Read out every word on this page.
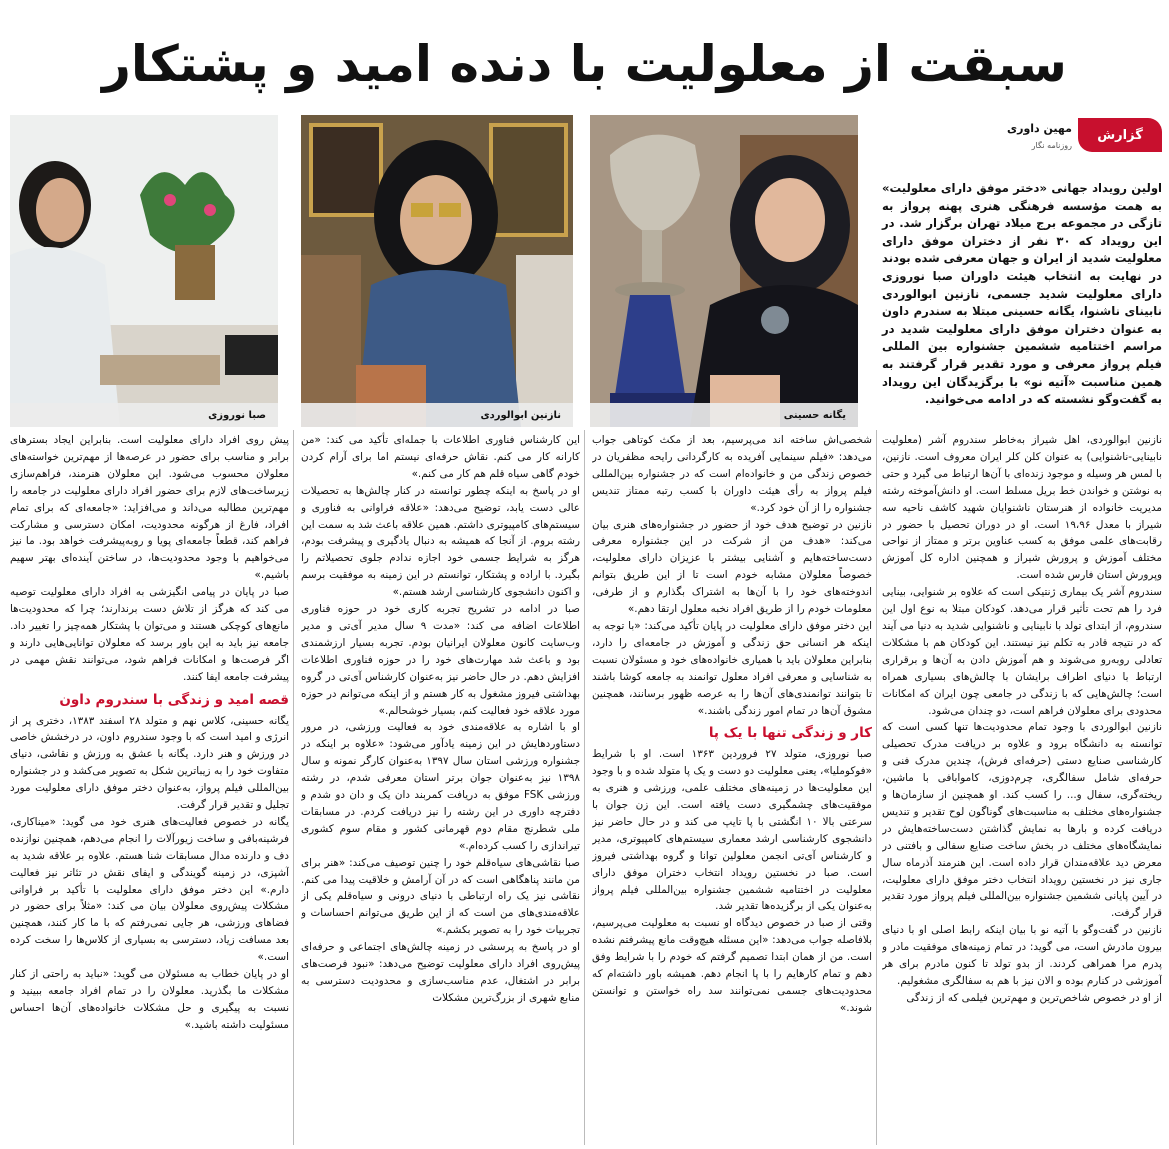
سبقت از معلولیت با دنده امید و پشتکار
گزارش
مهین داوری
روزنامه نگار
یگانه حسینی
نازنین ابوالوردی
صبا نوروزی
اولین رویداد جهانی «دختر موفق دارای معلولیت» به همت مؤسسه فرهنگی هنری پهنه پرواز به تازگی در مجموعه برج میلاد تهران برگزار شد. در این رویداد که ۳۰ نفر از دختران موفق دارای معلولیت شدید از ایران و جهان معرفی شده بودند در نهایت به انتخاب هیئت داوران صبا نوروزی دارای معلولیت شدید جسمی، نازنین ابوالوردی نابینای ناشنوا، یگانه حسینی مبتلا به سندرم داون به عنوان دختران موفق دارای معلولیت شدید در مراسم اختتامیه ششمین جشنواره بین المللی فیلم پرواز معرفی و مورد تقدیر قرار گرفتند به همین مناسبت «آتیه نو» با برگزیدگان این رویداد به گفت‌وگو نشسته که در ادامه می‌خوانید.

نازنین ابوالوردی، اهل شیراز به‌خاطر سندروم آشر (معلولیت نابینایی-ناشنوایی) به‌ عنوان کلن کلر ایران معروف است. نازنین، با لمس هر وسیله و موجود زنده‌ای با آن‌ها ارتباط می گیرد و حتی به نوشتن و خواندن خط بریل مسلط است. او دانش‌آموخته رشته مدیریت خانواده از هنرستان ناشنوایان شهید کاشف ناحیه سه شیراز با معدل ۱۹،۹۶ است. او در دوران تحصیل با حضور در رقابت‌های علمی موفق به کسب عناوین برتر و ممتاز از نواحی مختلف آموزش و پرورش شیراز و همچنین اداره کل آموزش وپرورش استان فارس شده است.

سندروم آشر یک بیماری ژنتیکی است که علاوه بر شنوایی، بینایی فرد را هم تحت تأثیر قرار می‌دهد. کودکان مبتلا به نوع اول این سندروم، از ابتدای تولد با نابینایی و ناشنوایی شدید به دنیا می آیند که در نتیجه قادر به تکلم نیز نیستند. این کودکان هم با مشکلات تعادلی روبه‌رو می‌شوند و هم آموزش دادن به آن‌ها و برقراری ارتباط با دنیای اطراف برایشان با چالش‌های بسیاری همراه است؛ چالش‌هایی که با زندگی در جامعی چون ایران که امکانات محدودی برای معلولان فراهم است، دو چندان می‌شود.

نازنین ابوالوردی با وجود تمام محدودیت‌ها تنها کسی است که توانسته به دانشگاه برود و علاوه بر دریافت مدرک تحصیلی کارشناسی صنایع دستی (حرفه‌ای فرش)، چندین مدرک فنی و حرفه‌ای شامل سفالگری، چرم‌دوزی، کاموابافی با ماشین، ریخته‌گری، سفال و... را کسب کند. او همچنین از سازمان‌ها و جشنواره‌های مختلف به مناسبت‌های گوناگون لوح تقدیر و تندیس دریافت کرده و بارها به نمایش گذاشتن دست‌ساخته‌هایش در نمایشگاه‌های مختلف در بخش ساخت صنایع سفالی و بافتنی در معرض دید علاقه‌مندان قرار داده است. این هنرمند آذرماه سال جاری نیز در نخستین رویداد انتخاب دختر موفق دارای معلولیت، در آیین پایانی ششمین جشنواره بین‌المللی فیلم پرواز مورد تقدیر قرار گرفت.

نازنین در گفت‌وگو با آتیه نو با بیان اینکه رابط اصلی او با دنیای بیرون مادرش است، می گوید: در تمام زمینه‌های موفقیت مادر و پدرم مرا همراهی کردند. از بدو تولد تا کنون مادرم برای هر آموزشی در کنارم بوده و الان نیز با هم به سفالگری مشغولیم.

از او در خصوص شاخص‌ترین و مهم‌ترین فیلمی که از زندگی

شخصی‌اش ساخته اند می‌پرسیم، بعد از مکث کوتاهی جواب می‌دهد: «فیلم سینمایی آفریده به کارگردانی رایحه مظفریان در خصوص زندگی من و خانواده‌ام است که در جشنواره بین‌المللی فیلم پرواز به رأی هیئت داوران با کسب رتبه ممتاز تندیس جشنواره را از آن خود کرد.»

نازنین در توضیح هدف خود از حضور در جشنواره‌های هنری بیان می‌کند: «هدف من از شرکت در این جشنواره معرفی دست‌ساخته‌هایم و آشنایی بیشتر با عزیزان دارای معلولیت، خصوصاً معلولان مشابه خودم است تا از این طریق بتوانم اندوخته‌های خود را با آن‌ها به اشتراک بگذارم و از طرفی، معلومات خودم را از طریق افراد نخبه معلول ارتقا دهم.»

این دختر موفق دارای معلولیت در پایان تأکید می‌کند: «با توجه به اینکه هر انسانی حق زندگی و آموزش در جامعه‌ای را دارد، بنابراین معلولان باید با همیاری خانواده‌های خود و مسئولان نسبت به شناسایی و معرفی افراد معلول توانمند به جامعه کوشا باشند تا بتوانند توانمندی‌های آن‌ها را به عرصه ظهور برسانند، همچنین مشوق آن‌ها در تمام امور زندگی باشند.»

کار و زندگی تنها با یک پا

صبا نوروزی، متولد ۲۷ فروردین ۱۳۶۳ است. او با شرایط «فوکوملیا»، یعنی معلولیت دو دست و یک پا متولد شده و با وجود این معلولیت‌ها در زمینه‌های مختلف علمی، ورزشی و هنری به موفقیت‌های چشمگیری دست یافته است. این زن جوان با سرعتی بالا ۱۰ انگشتی با پا تایپ می کند و در حال حاضر نیز دانشجوی کارشناسی ارشد معماری سیستم‌های کامپیوتری، مدیر و کارشناس آی‌تی انجمن معلولین توانا و گروه بهداشتی فیروز است. صبا در نخستین رویداد انتخاب دختران موفق دارای معلولیت در اختتامیه ششمین جشنواره بین‌المللی فیلم پرواز به‌عنوان یکی از برگزیده‌ها تقدیر شد.

وقتی از صبا در خصوص دیدگاه او نسبت به معلولیت می‌پرسیم، بلافاصله جواب می‌دهد: «این مسئله هیچ‌وقت مانع پیشرفتم نشده است. من از همان ابتدا تصمیم گرفتم که خودم را با شرایط وفق دهم و تمام کارهایم را با پا انجام دهم. همیشه باور داشته‌ام که محدودیت‌های جسمی نمی‌توانند سد راه خواستن و توانستن شوند.»

این کارشناس فناوری اطلاعات با جمله‌ای تأکید می کند: «من کارانه کار می کنم. نقاش حرفه‌ای نیستم اما برای آرام کردن خودم گاهی سیاه قلم هم کار می کنم.»

او در پاسخ به اینکه چطور توانسته در کنار چالش‌ها به تحصیلات عالی دست یابد، توضیح می‌دهد: «علاقه فراوانی به فناوری و سیستم‌های کامپیوتری داشتم. همین علاقه باعث شد به سمت این رشته بروم. از آنجا که همیشه به دنبال یادگیری و پیشرفت بودم، هرگز به شرایط جسمی خود اجازه ندادم جلوی تحصیلاتم را بگیرد. با اراده و پشتکار، توانستم در این زمینه به موفقیت برسم و اکنون دانشجوی کارشناسی ارشد هستم.»

صبا در ادامه در تشریح تجربه کاری خود در حوزه فناوری اطلاعات اضافه می کند: «مدت ۹ سال مدیر آی‌تی و مدیر وب‌سایت کانون معلولان ایرانیان بودم. تجربه بسیار ارزشمندی بود و باعث شد مهارت‌های خود را در حوزه فناوری اطلاعات افزایش دهم. در حال حاضر نیز به‌عنوان کارشناس آی‌تی در گروه بهداشتی فیروز مشغول به کار هستم و از اینکه می‌توانم در حوزه مورد علاقه خود فعالیت کنم، بسیار خوشحالم.»

او با اشاره به علاقه‌مندی خود به فعالیت ورزشی، در مرور دستاوردهایش در این زمینه یادآور می‌شود: «علاوه بر اینکه در جشنواره ورزشی استان سال ۱۳۹۷ به‌عنوان کارگر نمونه و سال ۱۳۹۸ نیز به‌عنوان جوان برتر استان معرفی شدم، در رشته ورزشی FSK موفق به دریافت کمربند دان یک و دان دو شدم و دفترچه داوری در این رشته را نیز دریافت کردم. در مسابقات ملی شطرنج مقام دوم قهرمانی کشور و مقام سوم کشوری تیراندازی را کسب کرده‌ام.»

صبا نقاشی‌های سیاه‌قلم خود را چنین توصیف می‌کند: «هنر برای من مانند پناهگاهی است که در آن آرامش و خلاقیت پیدا می کنم. نقاشی نیز یک راه ارتباطی با دنیای درونی و سیاه‌قلم یکی از علاقه‌مندی‌های من است که از این طریق می‌توانم احساسات و تجربیات خود را به تصویر بکشم.»

او در پاسخ به پرسشی در زمینه چالش‌های اجتماعی و حرفه‌ای پیش‌روی افراد دارای معلولیت توضیح می‌دهد: «نبود فرصت‌های برابر در اشتغال، عدم مناسب‌سازی و محدودیت دسترسی به منابع شهری از بزرگ‌ترین مشکلات

پیش روی افراد دارای معلولیت است. بنابراین ایجاد بسترهای برابر و مناسب برای حضور در عرصه‌ها از مهم‌ترین خواسته‌های معلولان محسوب می‌شود. این معلولان هنرمند، فراهم‌سازی زیرساخت‌های لازم برای حضور افراد دارای معلولیت در جامعه را مهم‌ترین مطالبه می‌داند و می‌افزاید: «جامعه‌ای که برای تمام افراد، فارغ از هرگونه محدودیت، امکان دسترسی و مشارکت فراهم کند، قطعاً جامعه‌ای پویا و روبه‌پیشرفت خواهد بود. ما نیز می‌خواهیم با وجود محدودیت‌ها، در ساختن آینده‌ای بهتر سهیم باشیم.»

صبا در پایان در پیامی انگیزشی به افراد دارای معلولیت توصیه می کند که هرگز از تلاش دست برندارند؛ چرا که محدودیت‌ها مانع‌های کوچکی هستند و می‌توان با پشتکار همه‌چیز را تغییر داد. جامعه نیز باید به این باور برسد که معلولان توانایی‌هایی دارند و اگر فرصت‌ها و امکانات فراهم شود، می‌توانند نقش مهمی در پیشرفت جامعه ایفا کنند.

قصه امید و زندگی با سندروم داون

یگانه حسینی، کلاس نهم و متولد ۲۸ اسفند ۱۳۸۳، دختری پر از انرژی و امید است که با وجود سندروم داون، در درخشش خاصی در ورزش و هنر دارد. یگانه با عشق به ورزش و نقاشی، دنیای متفاوت خود را به زیباترین شکل به تصویر می‌کشد و در جشنواره بین‌المللی فیلم پرواز، به‌عنوان دختر موفق دارای معلولیت مورد تجلیل و تقدیر قرار گرفت.

یگانه در خصوص فعالیت‌های هنری خود می گوید: «میناکاری، فرشینه‌بافی و ساخت زیورآلات را انجام می‌دهم، همچنین نوازنده دف و دارنده مدال مسابقات شنا هستم. علاوه بر علاقه شدید به آشپزی، در زمینه گویندگی و ایفای نقش در تئاتر نیز فعالیت دارم.» این دختر موفق دارای معلولیت با تأکید بر فراوانی مشکلات پیش‌روی معلولان بیان می کند: «مثلاً برای حضور در فضاهای ورزشی، هر جایی نمی‌رفتم که با ما کار کنند، همچنین بعد مسافت زیاد، دسترسی به بسیاری از کلاس‌ها را سخت کرده است.»

او در پایان خطاب به مسئولان می گوید: «نباید به راحتی از کنار مشکلات ما بگذرید. معلولان را در تمام افراد جامعه ببینید و نسبت به پیگیری و حل مشکلات خانواده‌های آن‌ها احساس مسئولیت داشته باشید.»
